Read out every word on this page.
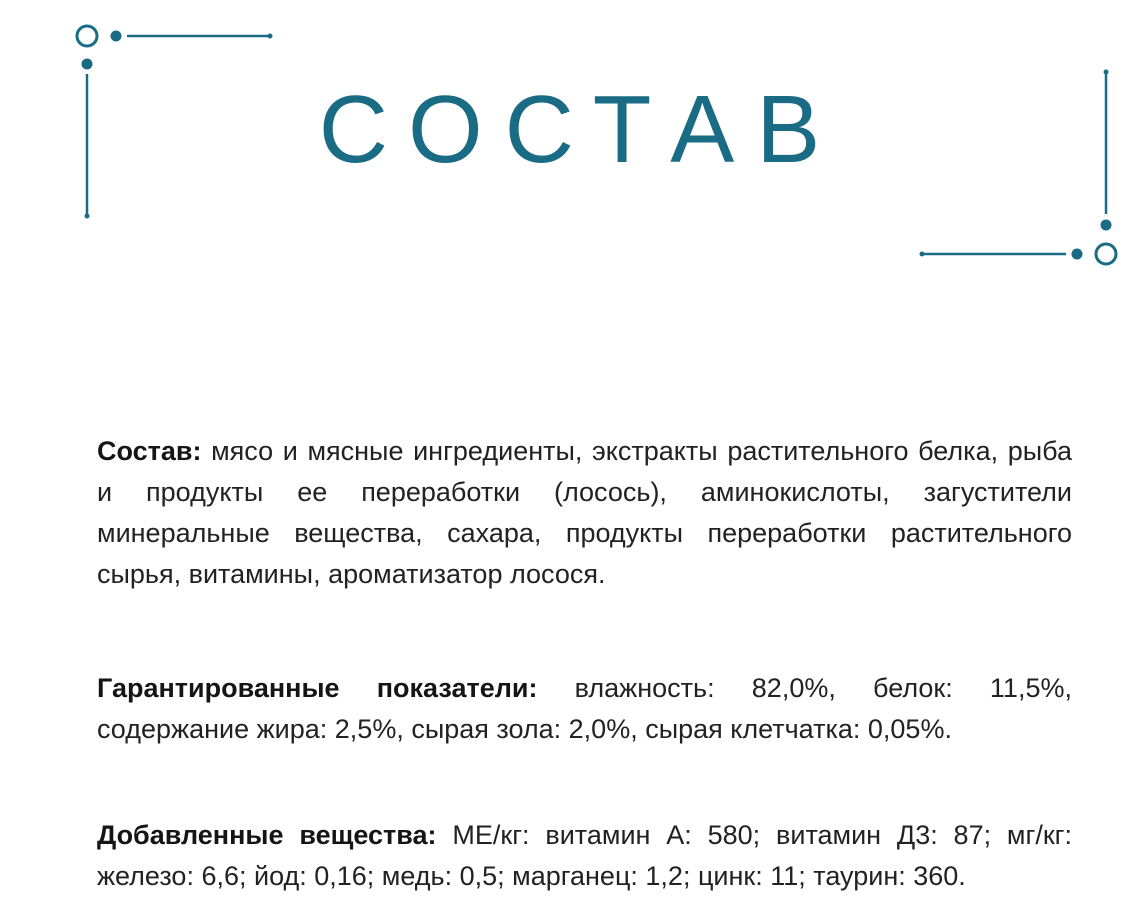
СОСТАВ

Состав: мясо и мясные ингредиенты, экстракты растительного белка, рыба и продукты ее переработки (лосось), аминокислоты, загустители минеральные вещества, сахара, продукты переработки растительного сырья, витамины, ароматизатор лосося.

Гарантированные показатели: влажность: 82,0%, белок: 11,5%, содержание жира: 2,5%, сырая зола: 2,0%, сырая клетчатка: 0,05%.

Добавленные вещества: МЕ/кг: витамин А: 580; витамин Д3: 87; мг/кг: железо: 6,6; йод: 0,16; медь: 0,5; марганец: 1,2; цинк: 11; таурин: 360.
